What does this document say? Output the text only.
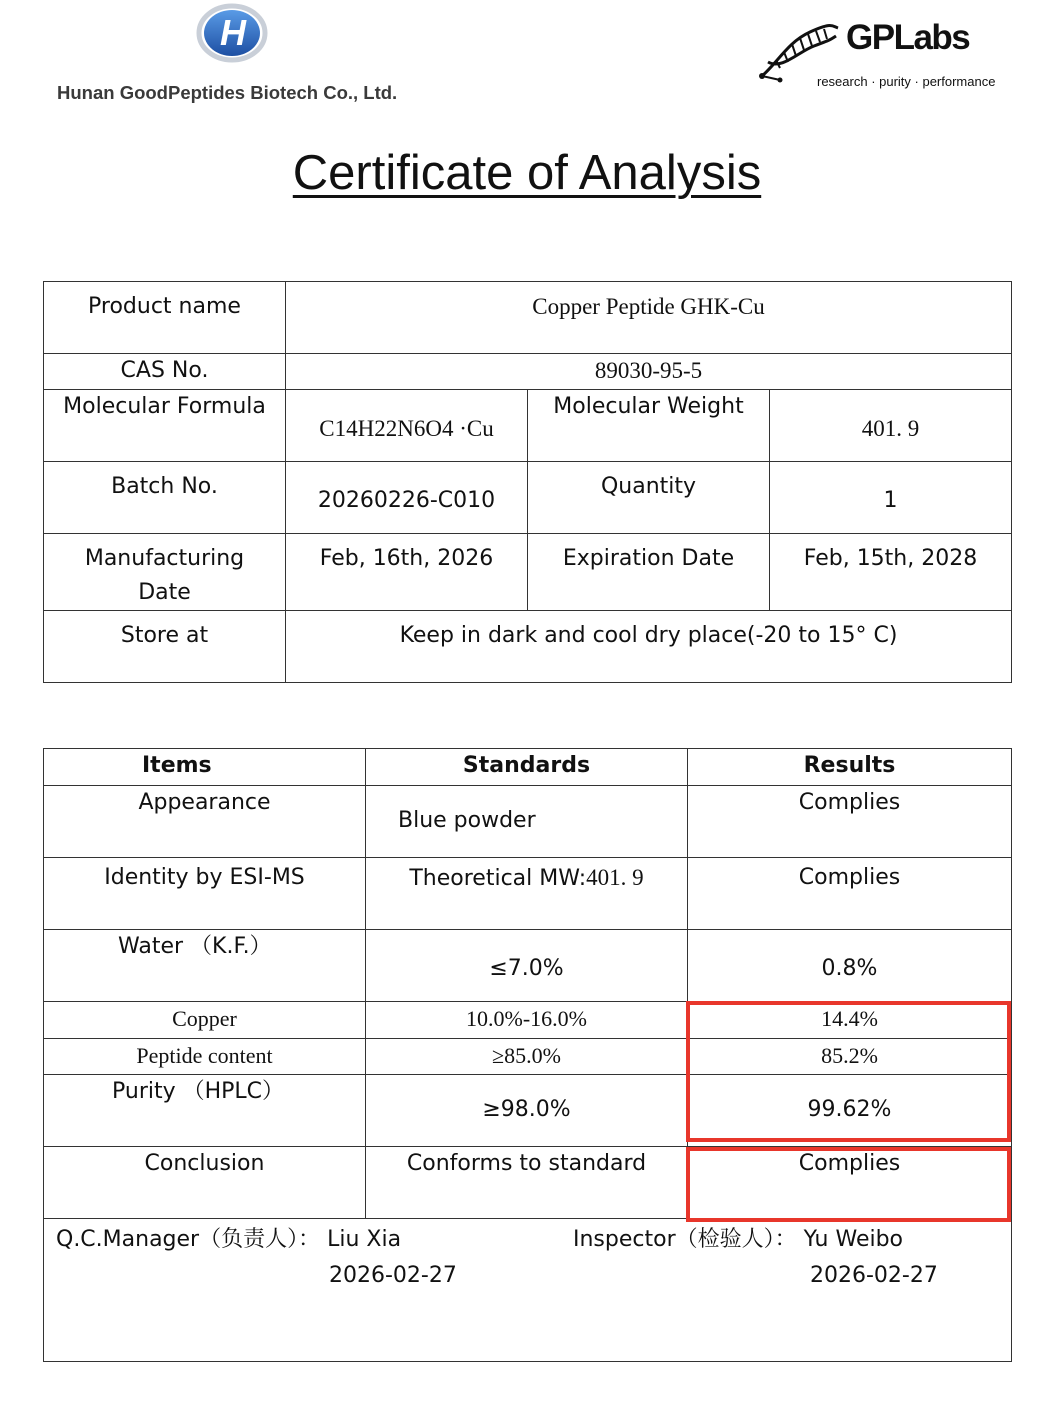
H
Hunan GoodPeptides Biotech Co., Ltd.
GPLabs
research · purity · performance
Certificate of Analysis
Product name	Copper Peptide GHK-Cu		
CAS No.	89030-95-5		
Molecular Formula	C14H22N6O4 ·Cu	Molecular Weight	401. 9
Batch No.	20260226-C010	Quantity	1

Manufacturing
Date	Feb, 16th, 2026	Expiration Date	Feb, 15th, 2028
Store at	Keep in dark and cool dry place(-20 to 15° C)		
Items	Standards	Results
Appearance	Blue powder	Complies
Identity by ESI-MS	Theoretical MW:401. 9	Complies
Water （K.F.）	≤7.0%	0.8%
Copper	10.0%-16.0%	14.4%
Peptide content	≥85.0%	85.2%
Purity （HPLC）	≥98.0%	99.62%
Conclusion	Conforms to standard	Complies

Q.C.Manager（负责人）： Liu Xia
2026-02-27
Inspector（检验人）： Yu Weibo
2026-02-27		
